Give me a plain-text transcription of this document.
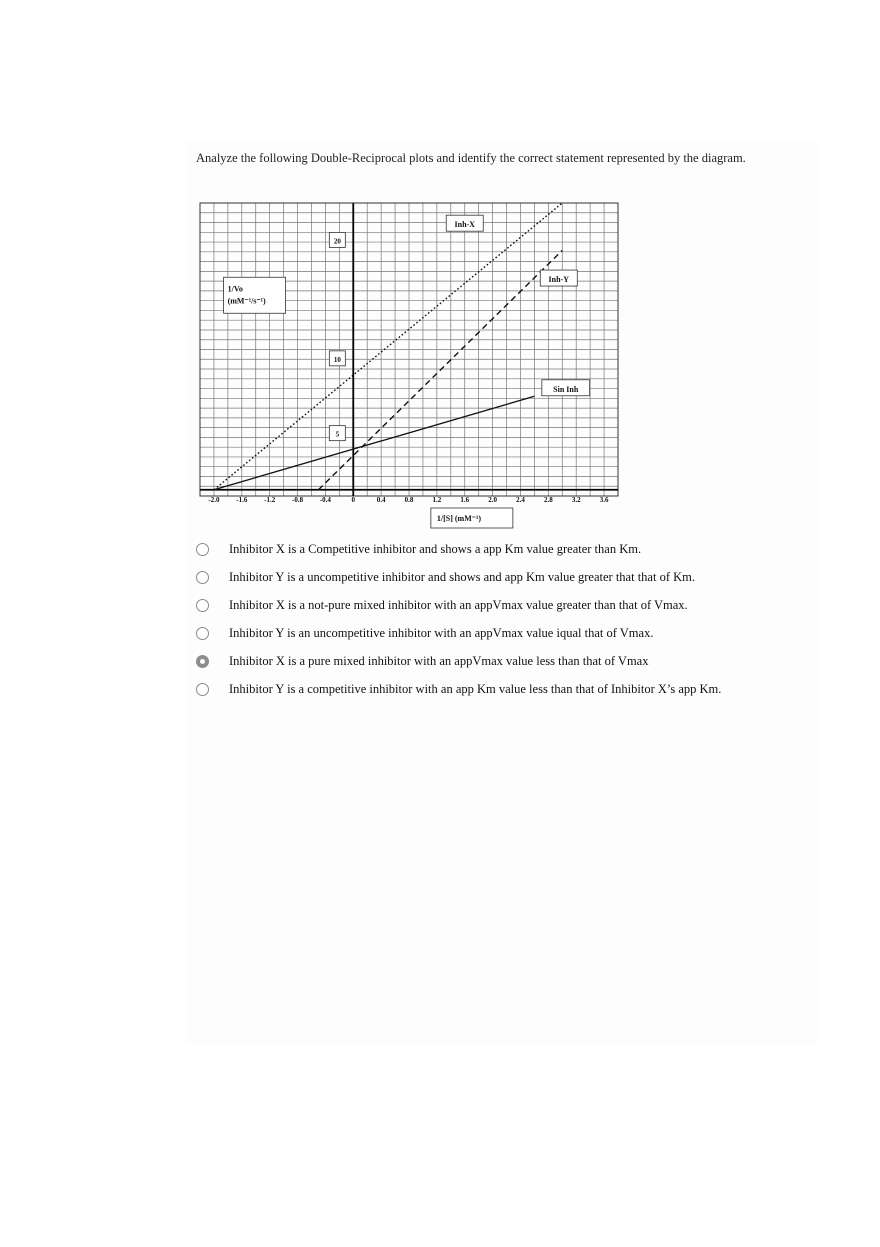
Analyze the following Double-Reciprocal plots and identify the correct statement represented by the diagram.
-2.0 -1.6 -1.2 -0.8 -0.4	0	0.4	0.8	1.2	1.6	2.0	2.4	2.8	3.2	3.6
20
10
5
1/Vo
(mM⁻¹/s⁻¹)
1/[S] (mM⁻¹)
Inh-X
Inh-Y
Sin Inh
Inhibitor X is a Competitive inhibitor and shows a app Km value greater than Km.
Inhibitor Y is a uncompetitive inhibitor and shows and app Km value greater that that of Km.
Inhibitor X is a not-pure mixed inhibitor with an appVmax value greater than that of Vmax.
Inhibitor Y is an uncompetitive inhibitor with an appVmax value iqual that of Vmax.
Inhibitor X is a pure mixed inhibitor with an appVmax value less than that of Vmax
Inhibitor Y is a competitive inhibitor with an app Km value less than that of Inhibitor X’s app Km.
